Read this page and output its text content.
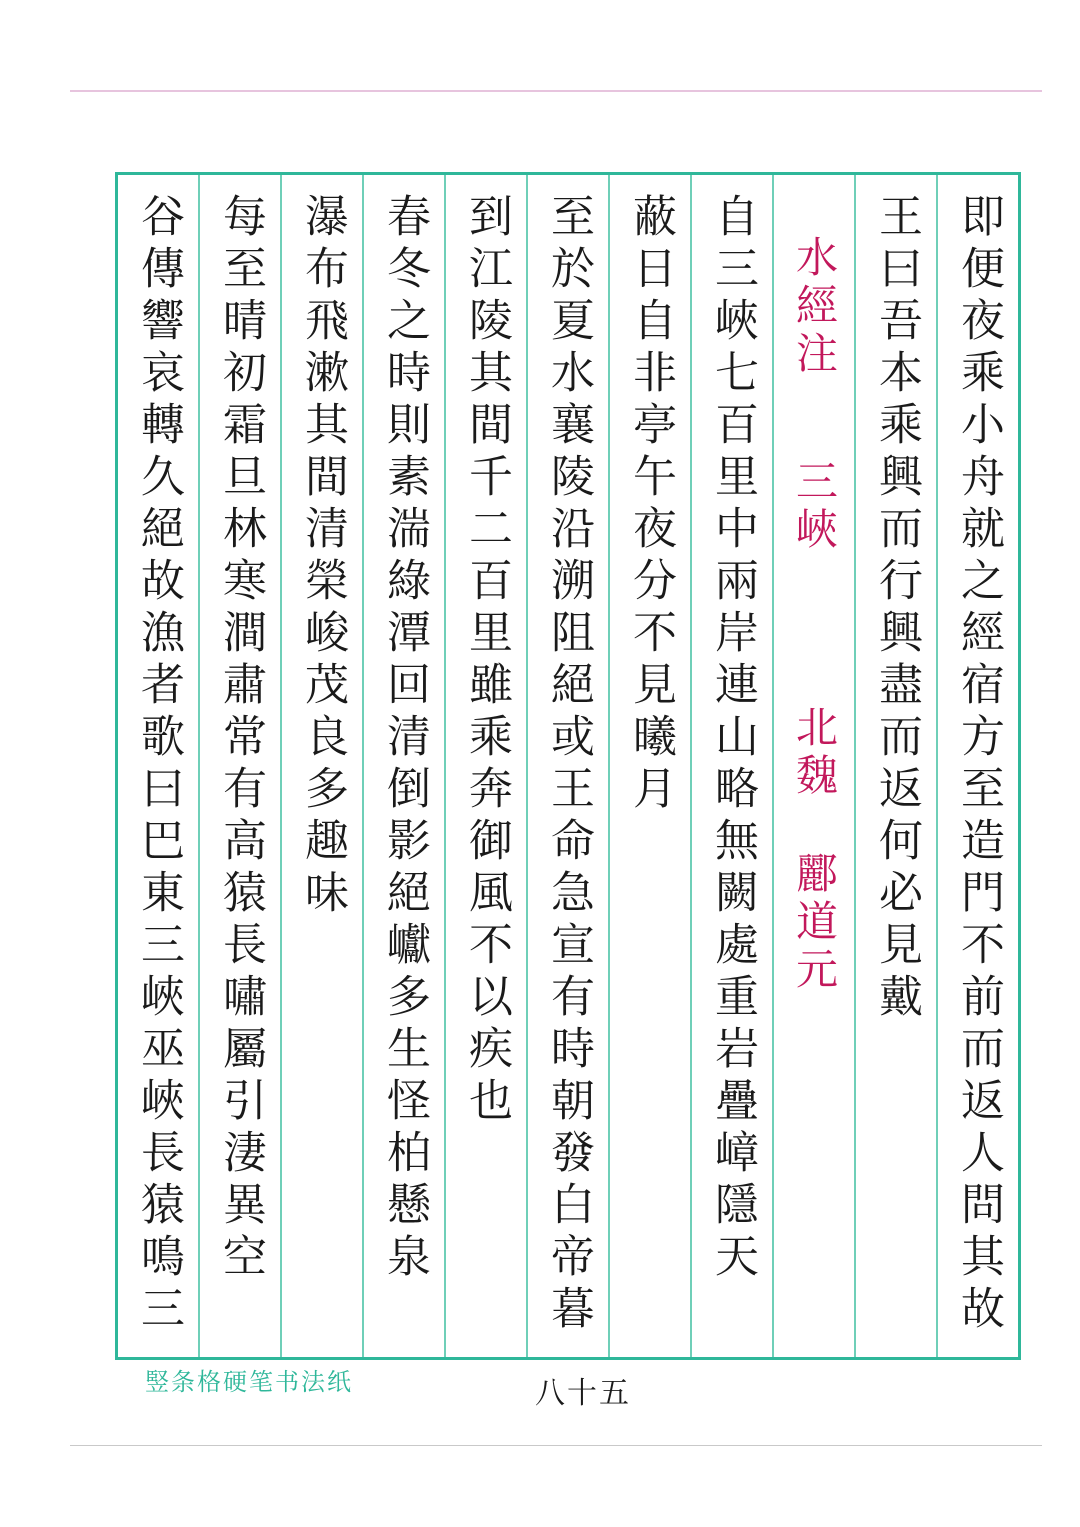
即便夜乘小舟就之經宿方至造門不前而返人問其故
王曰吾本乘興而行興盡而返何必見戴
水經注
三峽
北魏
酈道元
自三峽七百里中兩岸連山略無闕處重岩疊嶂隱天
蔽日自非亭午夜分不見曦月
至於夏水襄陵沿溯阻絕或王命急宣有時朝發白帝暮
到江陵其間千二百里雖乘奔御風不以疾也
春冬之時則素湍綠潭回清倒影絕巘多生怪柏懸泉
瀑布飛漱其間清榮峻茂良多趣味
每至晴初霜旦林寒澗肅常有高猿長嘯屬引淒異空
谷傳響哀轉久絕故漁者歌曰巴東三峽巫峽長猿鳴三
竪条格硬笔书法纸	八十五
